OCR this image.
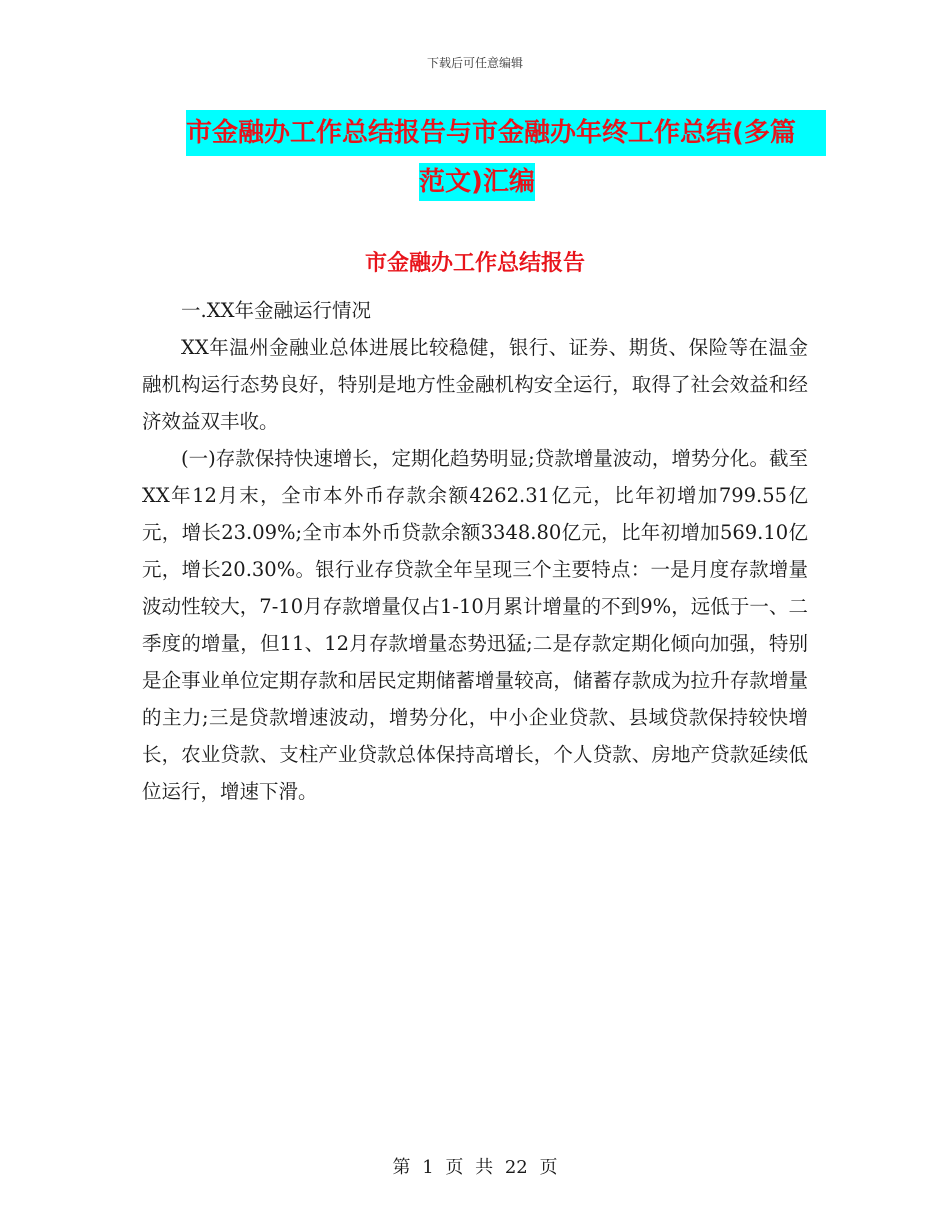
下载后可任意编辑
市金融办工作总结报告与市金融办年终工作总结(多篇
范文)汇编
市金融办工作总结报告

一.XX年金融运行情况

XX年温州金融业总体进展比较稳健，银行、证券、期货、保险等在温金融机构运行态势良好，特别是地方性金融机构安全运行，取得了社会效益和经济效益双丰收。

(一)存款保持快速增长，定期化趋势明显;贷款增量波动，增势分化。截至XX年12月末，全市本外币存款余额4262.31亿元，比年初增加799.55亿元，增长23.09%;全市本外币贷款余额3348.80亿元，比年初增加569.10亿元，增长20.30%。银行业存贷款全年呈现三个主要特点：一是月度存款增量波动性较大，7-10月存款增量仅占1-10月累计增量的不到9%，远低于一、二季度的增量，但11、12月存款增量态势迅猛;二是存款定期化倾向加强，特别是企事业单位定期存款和居民定期储蓄增量较高，储蓄存款成为拉升存款增量的主力;三是贷款增速波动，增势分化，中小企业贷款、县域贷款保持较快增长，农业贷款、支柱产业贷款总体保持高增长，个人贷款、房地产贷款延续低位运行，增速下滑。

第 1 页 共 22 页
